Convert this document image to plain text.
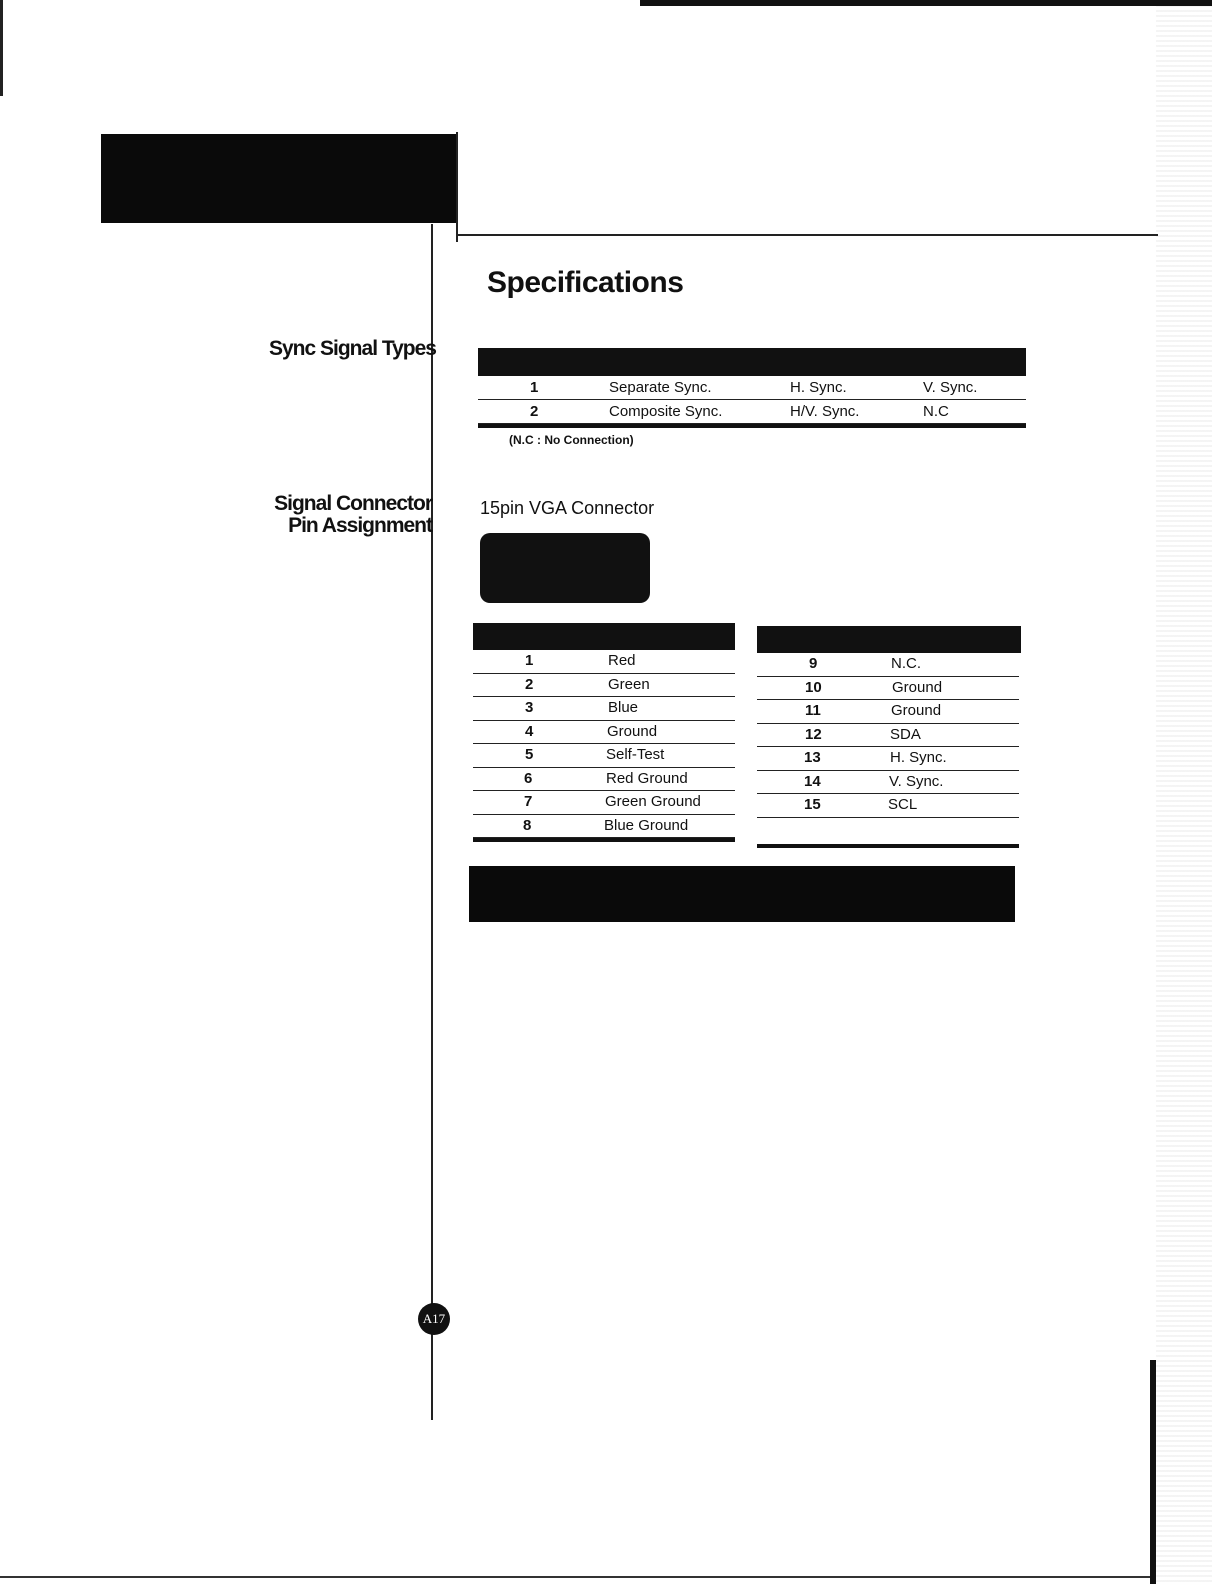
Specifications
Sync Signal Types
Signal Connector
Pin Assignment
1	Separate Sync.	H. Sync.	V. Sync.
2	Composite Sync.	H/V. Sync.	N.C
(N.C : No Connection)
15pin VGA Connector
1	Red
2	Green
3	Blue
4	Ground
5	Self-Test
6	Red Ground
7	Green Ground
8	Blue Ground
9	N.C.
10	Ground
11	Ground
12	SDA
13	H. Sync.
14	V. Sync.
15	SCL
A17
